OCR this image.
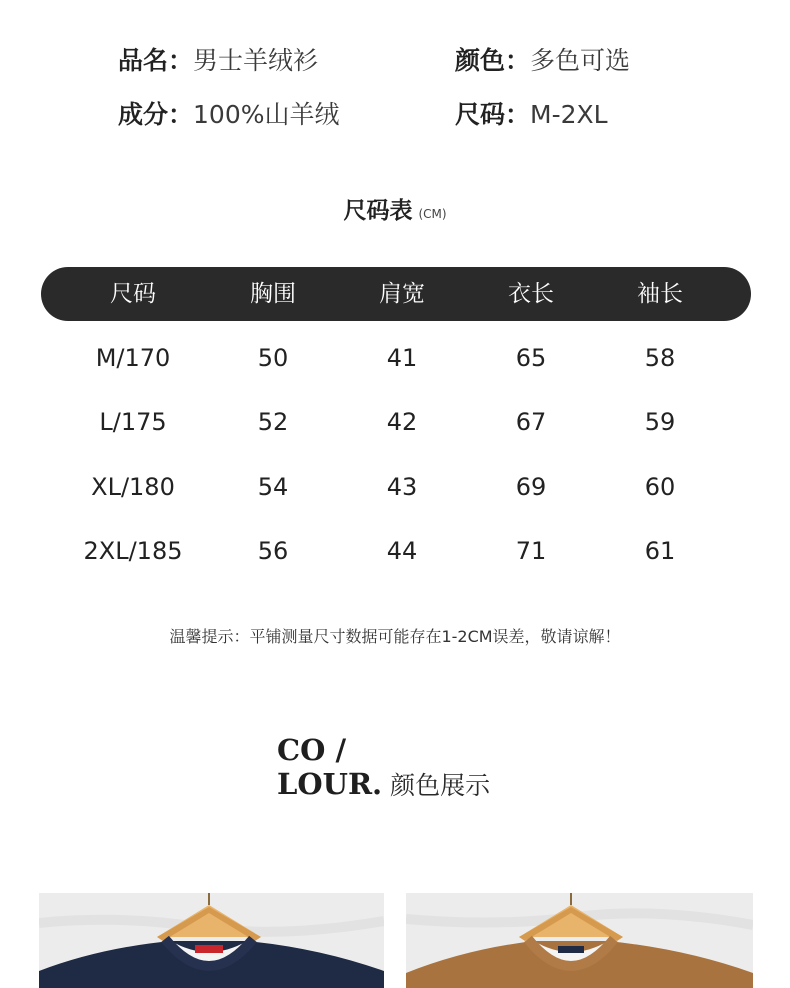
品名：男士羊绒衫	颜色：多色可选
成分：100%山羊绒	尺码：M-2XL
尺码表 (CM)
尺码	胸围	肩宽	衣长	袖长
M/170	50	41	65	58
L/175	52	42	67	59
XL/180	54	43	69	60
2XL/185	56	44	71	61
温馨提示：平铺测量尺寸数据可能存在1-2CM误差，敬请谅解！
CO /
LOUR. 颜色展示
